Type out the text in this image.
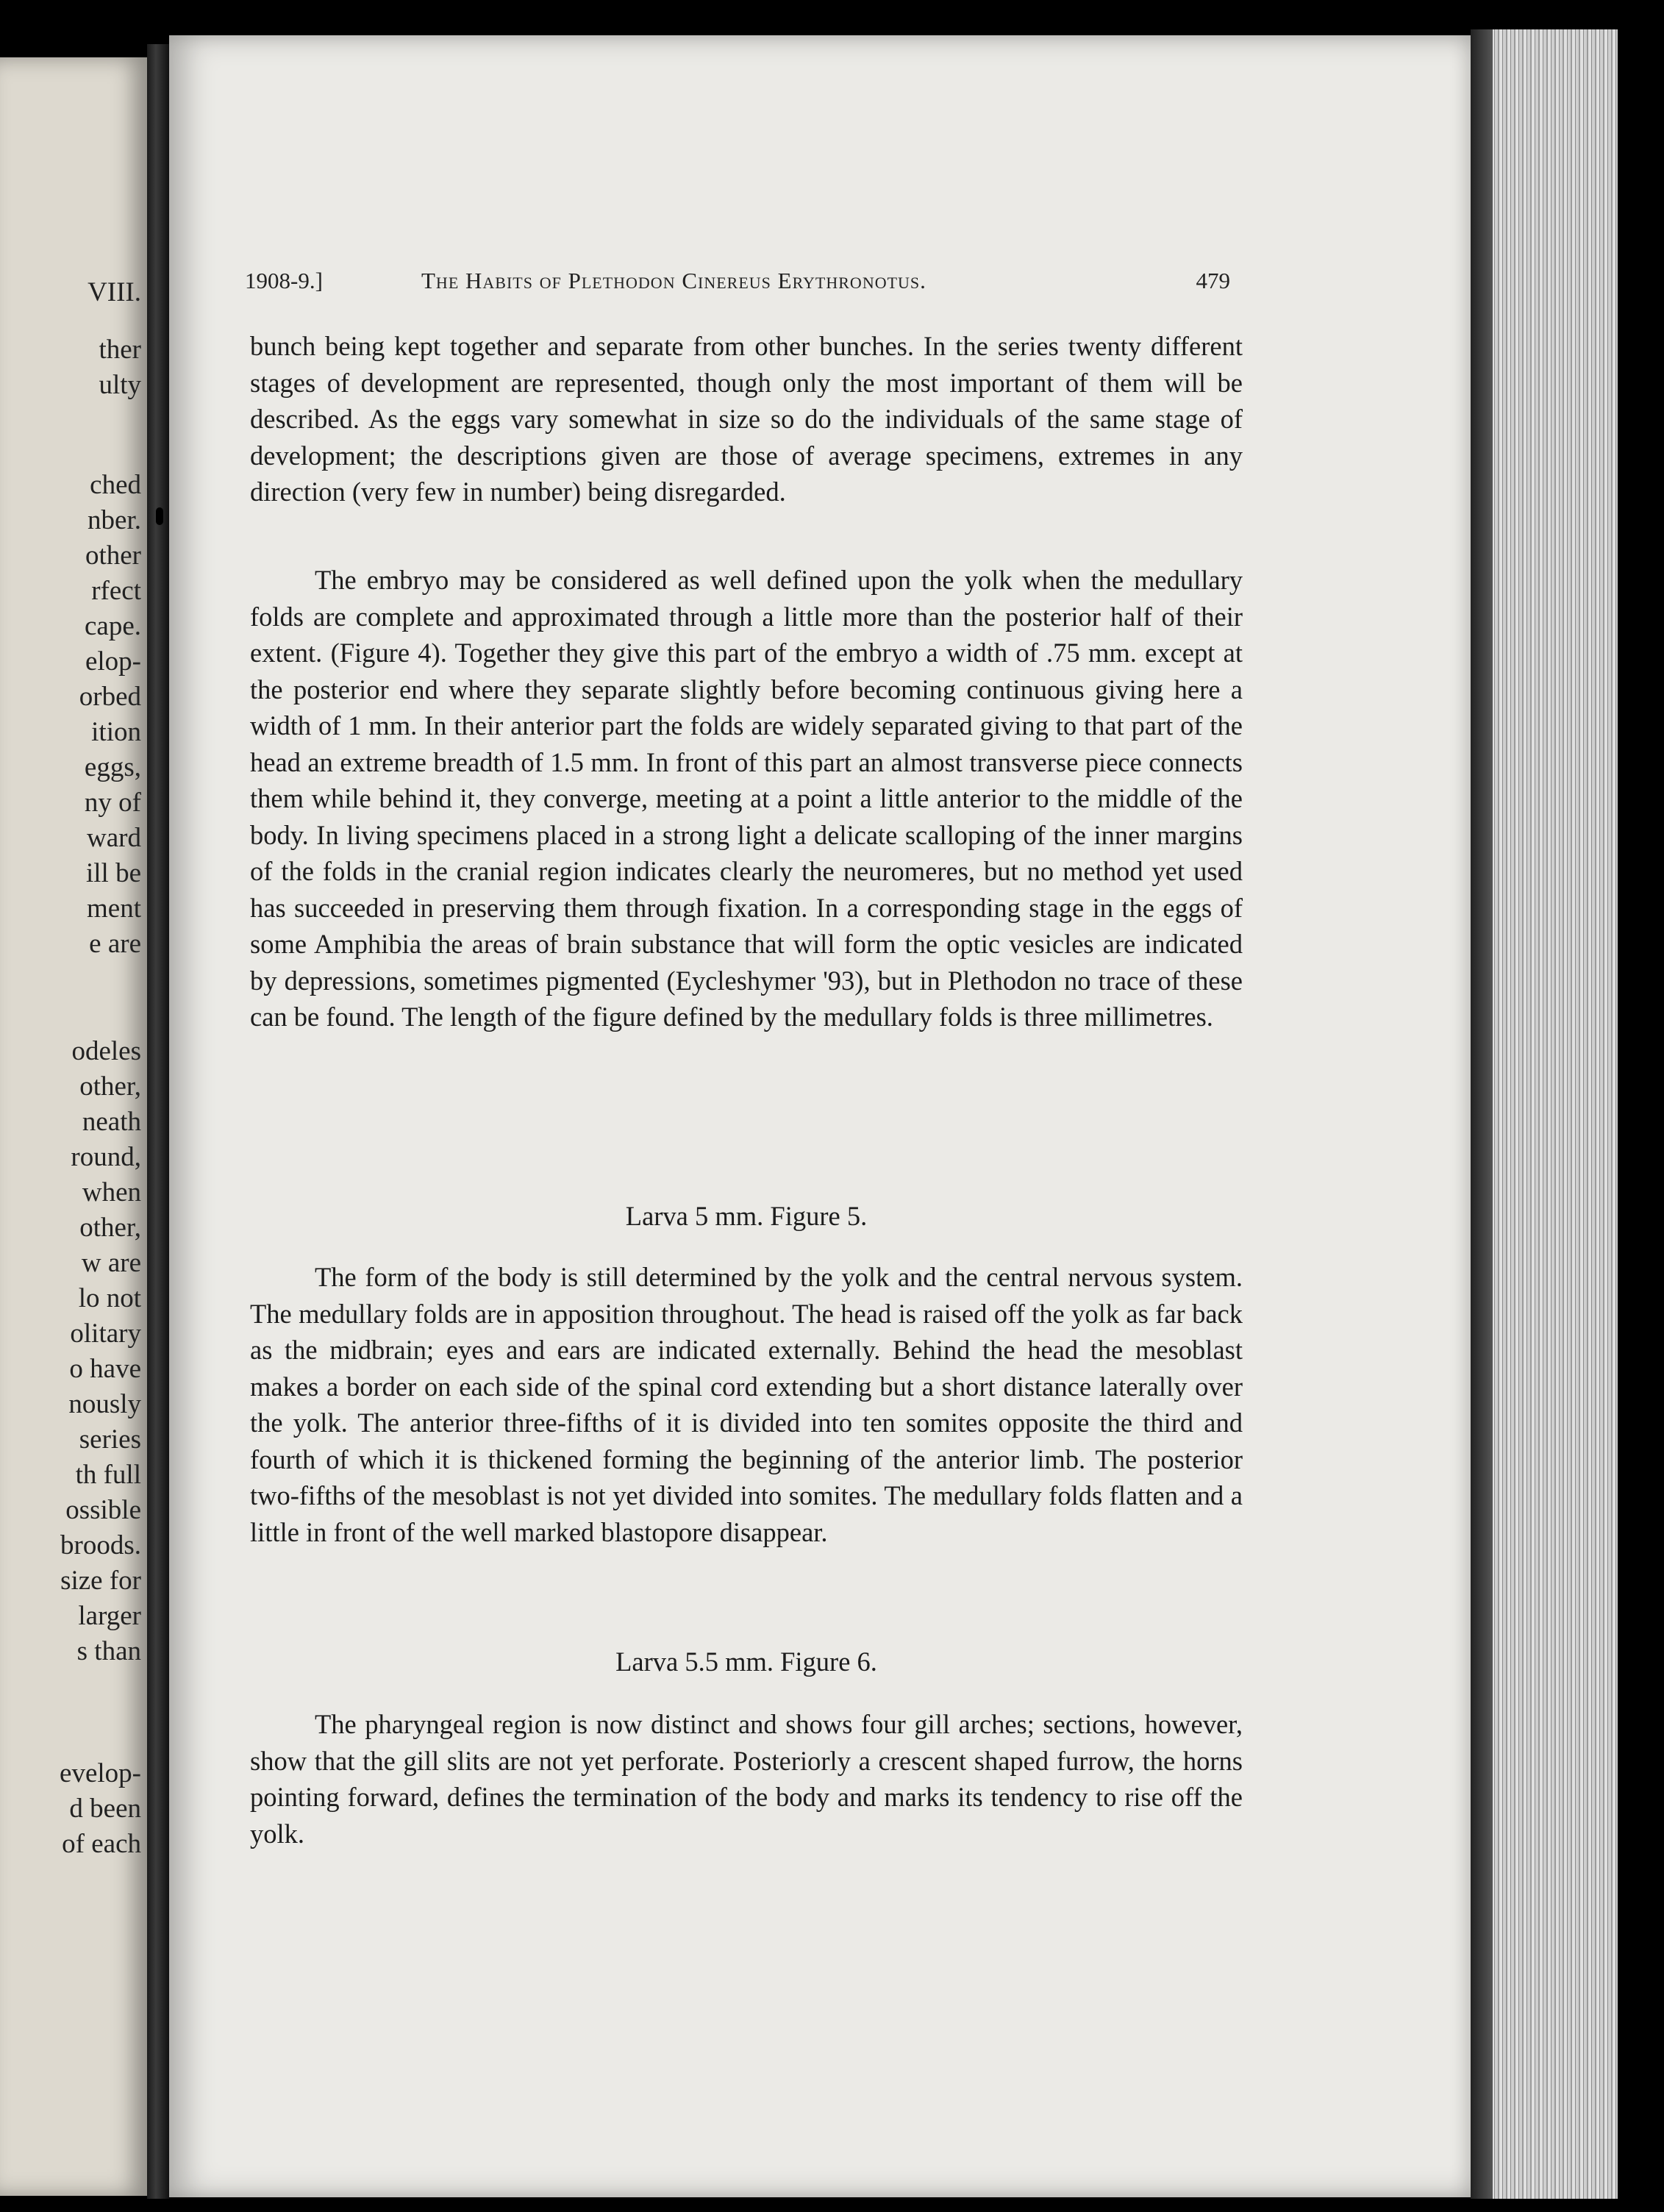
VIII.
ther
ulty
ched
nber.
other
rfect
cape.
elop-
orbed
ition
eggs,
ny of
ward
ill be
ment
e are
odeles
other,
neath
round,
when
other,
w are
lo not
olitary
o have
nously
series
th full
ossible
broods.
size for
larger
s than
evelop-
d been
of each
1908-9.]	The Habits of Plethodon Cinereus Erythronotus.	479

bunch being kept together and separate from other bunches. In the series twenty different stages of development are represented, though only the most important of them will be described. As the eggs vary somewhat in size so do the individuals of the same stage of development; the descriptions given are those of average specimens, extremes in any direction (very few in number) being disregarded.

The embryo may be considered as well defined upon the yolk when the medullary folds are complete and approximated through a little more than the posterior half of their extent. (Figure 4). Together they give this part of the embryo a width of .75 mm. except at the posterior end where they separate slightly before becoming continuous giving here a width of 1 mm. In their anterior part the folds are widely separated giving to that part of the head an extreme breadth of 1.5 mm. In front of this part an almost transverse piece connects them while behind it, they converge, meeting at a point a little anterior to the middle of the body. In living specimens placed in a strong light a delicate scalloping of the inner margins of the folds in the cranial region indicates clearly the neuromeres, but no method yet used has succeeded in preserving them through fixation. In a corresponding stage in the eggs of some Amphibia the areas of brain substance that will form the optic vesicles are indicated by depressions, sometimes pigmented (Eycleshymer '93), but in Plethodon no trace of these can be found. The length of the figure defined by the medullary folds is three millimetres.

Larva 5 mm. Figure 5.

The form of the body is still determined by the yolk and the central nervous system. The medullary folds are in apposition throughout. The head is raised off the yolk as far back as the midbrain; eyes and ears are indicated externally. Behind the head the mesoblast makes a border on each side of the spinal cord extending but a short distance laterally over the yolk. The anterior three-fifths of it is divided into ten somites opposite the third and fourth of which it is thickened forming the beginning of the anterior limb. The posterior two-fifths of the mesoblast is not yet divided into somites. The medullary folds flatten and a little in front of the well marked blastopore disappear.

Larva 5.5 mm. Figure 6.

The pharyngeal region is now distinct and shows four gill arches; sections, however, show that the gill slits are not yet perforate. Posteriorly a crescent shaped furrow, the horns pointing forward, defines the termination of the body and marks its tendency to rise off the yolk.
